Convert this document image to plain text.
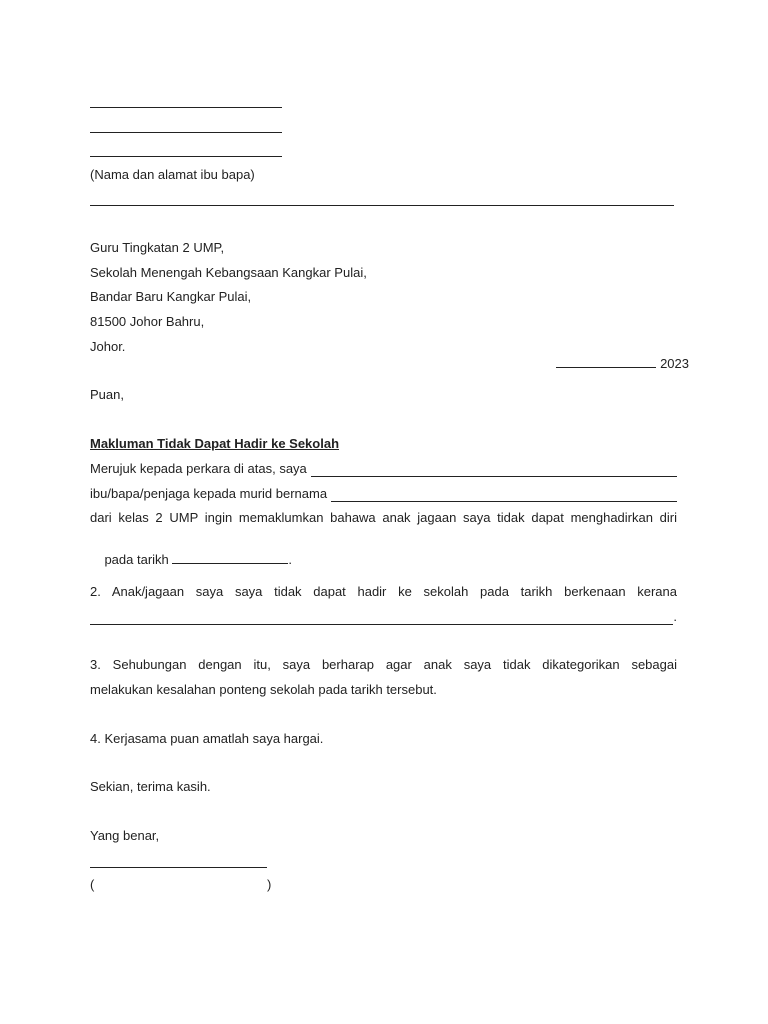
(Nama dan alamat ibu bapa)
Guru Tingkatan 2 UMP,
Sekolah Menengah Kebangsaan Kangkar Pulai,
Bandar Baru Kangkar Pulai,
81500 Johor Bahru,
Johor.

2023

Puan,
Makluman Tidak Dapat Hadir ke Sekolah
Merujuk kepada perkara di atas, saya
ibu/bapa/penjaga kepada murid bernama
dari kelas 2 UMP ingin memaklumkan bahawa anak jagaan saya tidak dapat menghadirkan diri

pada tarikh	.

2. Anak/jagaan saya saya tidak dapat hadir ke sekolah pada tarikh berkenaan kerana
.
3. Sehubungan dengan itu, saya berharap agar anak saya tidak dikategorikan sebagai
melakukan kesalahan ponteng sekolah pada tarikh tersebut.
4. Kerjasama puan amatlah saya hargai.
Sekian, terima kasih.
Yang benar,
(	)
